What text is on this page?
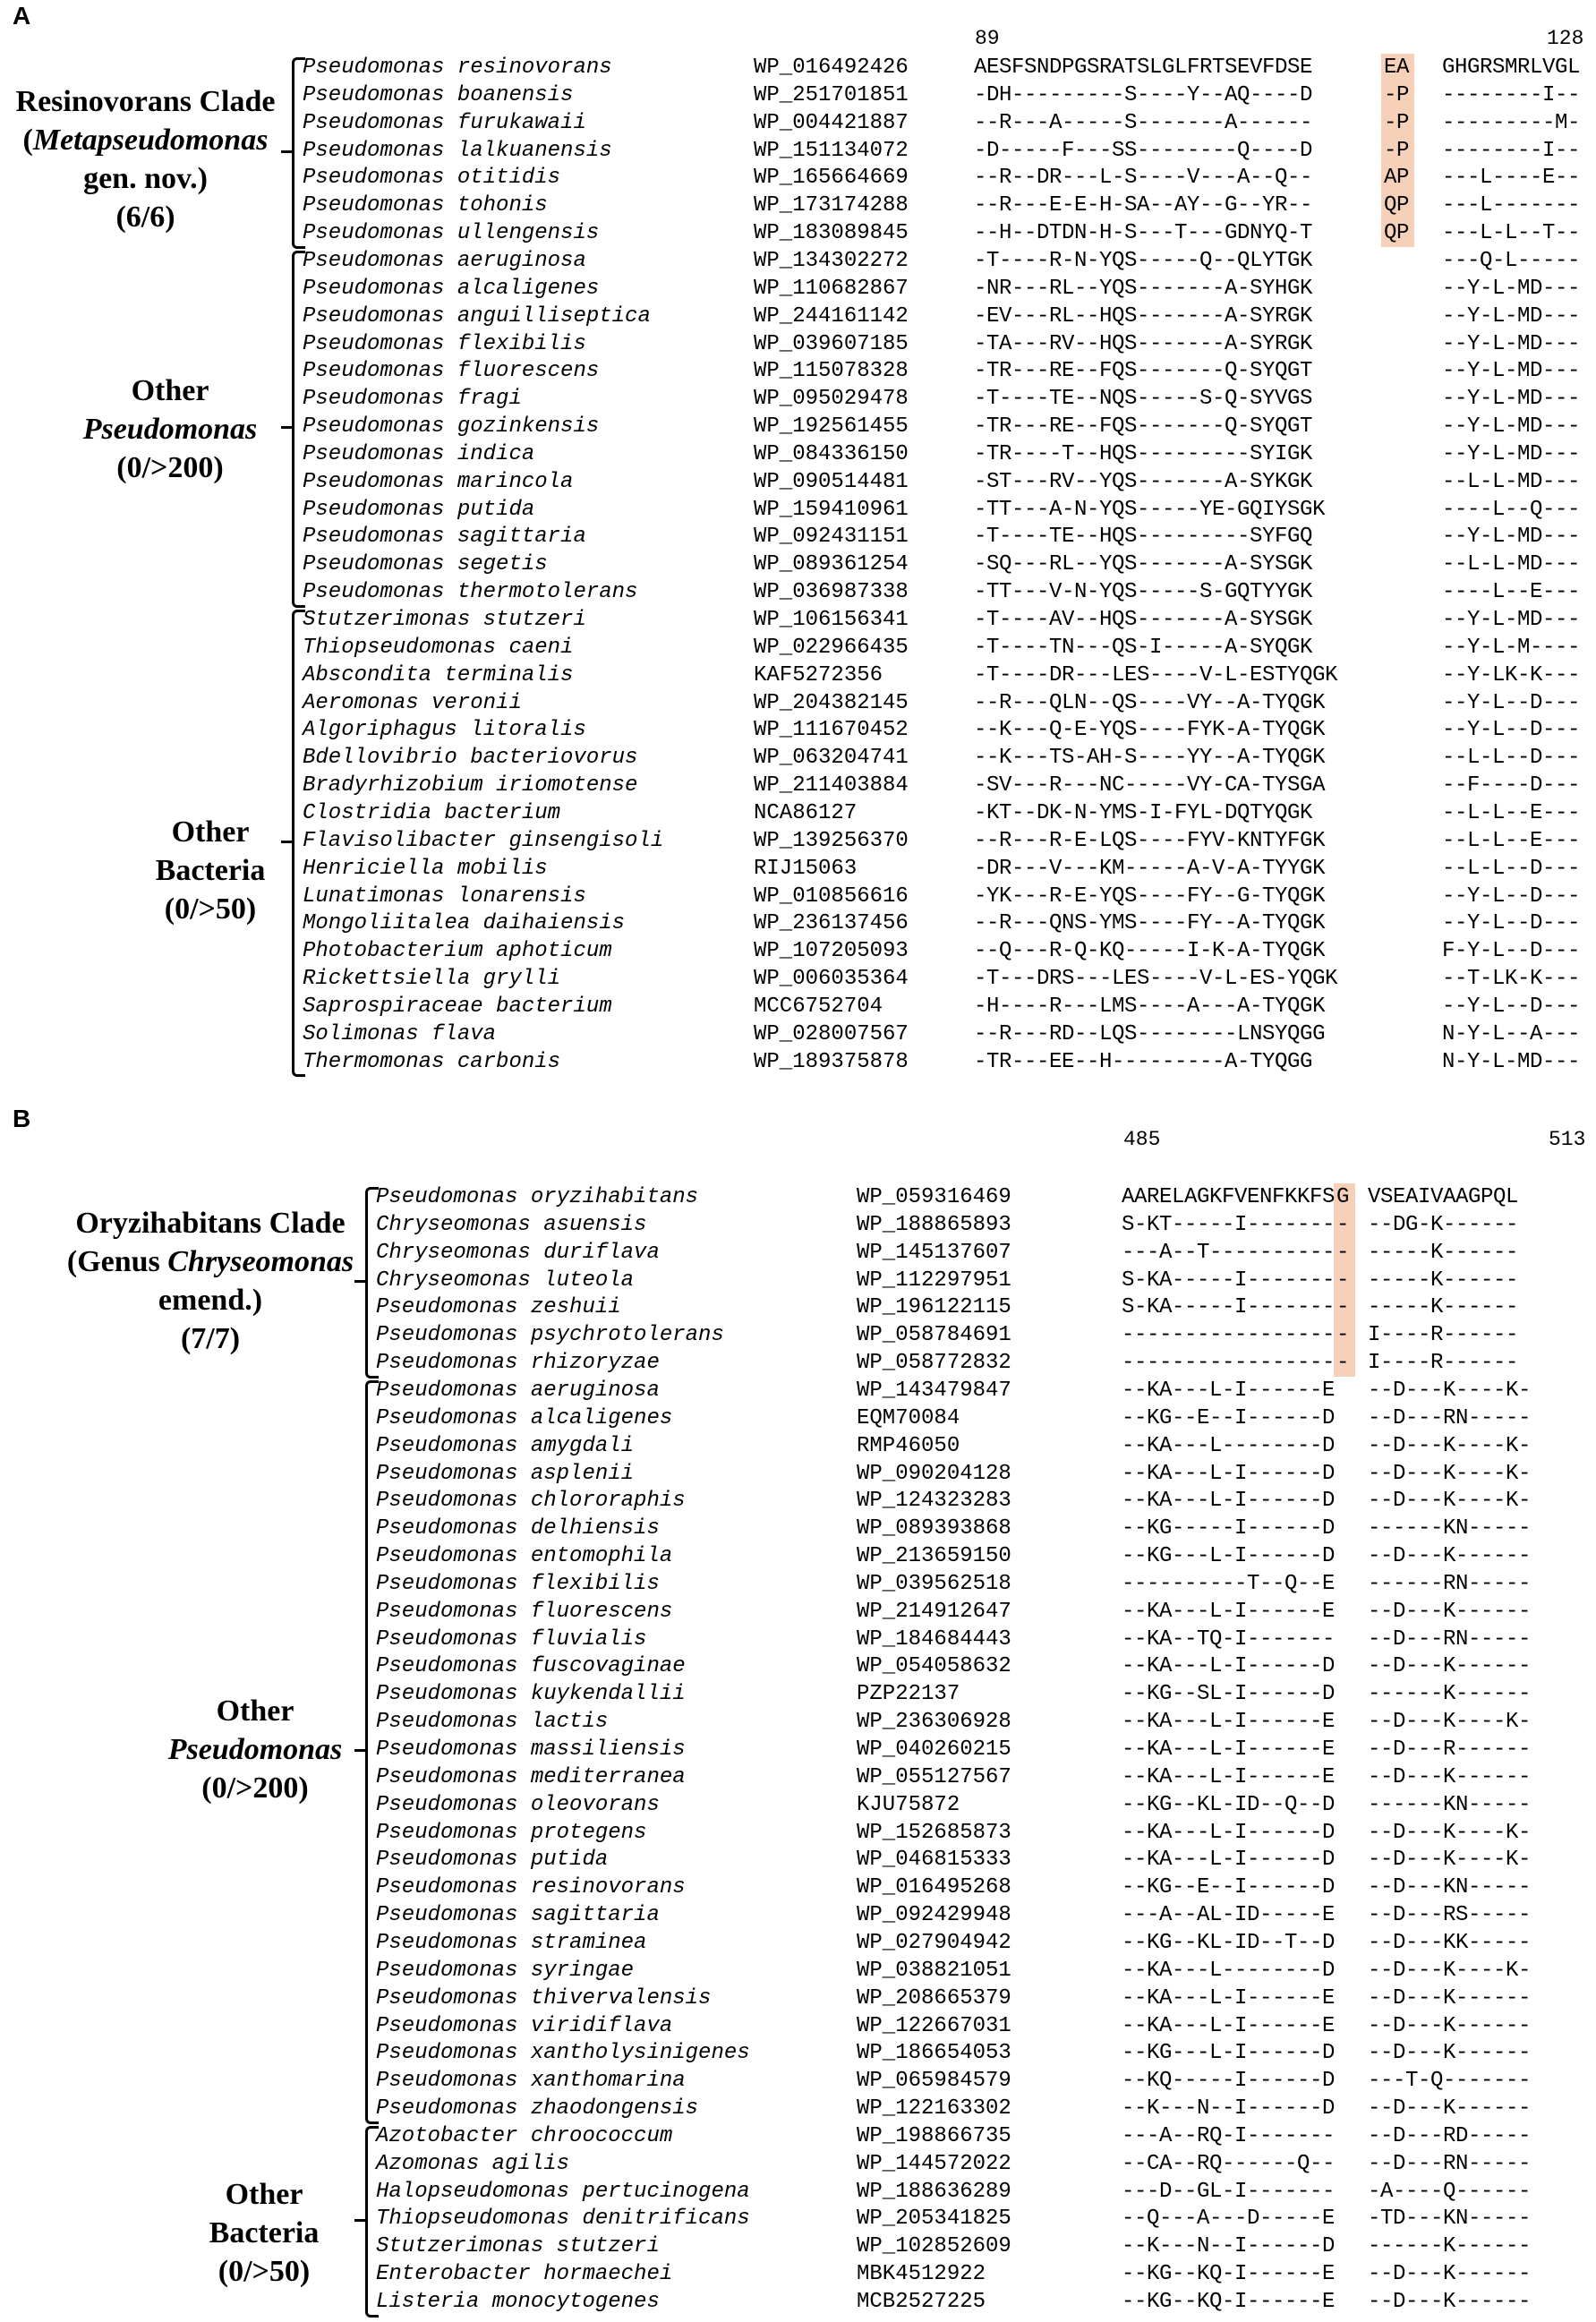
A
89	128
Pseudomonas resinovorans	WP_016492426	AESFSNDPGSRATSLGLFRTSEVFDSE	EA GHGRSMRLVGL
Pseudomonas boanensis	WP_251701851	-DH---------S----Y--AQ----D	-P --------I--
Pseudomonas furukawaii	WP_004421887	--R---A-----S-------A------	-P ---------M-
Pseudomonas lalkuanensis	WP_151134072	-D-----F---SS--------Q----D	-P --------I--
Pseudomonas otitidis	WP_165664669	--R--DR---L-S----V---A--Q--	AP ---L----E--
Pseudomonas tohonis	WP_173174288	--R---E-E-H-SA--AY--G--YR--	QP ---L-------
Pseudomonas ullengensis	WP_183089845	--H--DTDN-H-S---T---GDNYQ-T	QP ---L-L--T--
Pseudomonas aeruginosa	WP_134302272	-T----R-N-YQS-----Q--QLYTGK	---Q-L-----
Pseudomonas alcaligenes	WP_110682867	-NR---RL--YQS-------A-SYHGK	--Y-L-MD---
Pseudomonas anguilliseptica	WP_244161142	-EV---RL--HQS-------A-SYRGK	--Y-L-MD---
Pseudomonas flexibilis	WP_039607185	-TA---RV--HQS-------A-SYRGK	--Y-L-MD---
Pseudomonas fluorescens	WP_115078328	-TR---RE--FQS-------Q-SYQGT	--Y-L-MD---
Pseudomonas fragi	WP_095029478	-T----TE--NQS-----S-Q-SYVGS	--Y-L-MD---
Pseudomonas gozinkensis	WP_192561455	-TR---RE--FQS-------Q-SYQGT	--Y-L-MD---
Pseudomonas indica	WP_084336150	-TR----T--HQS---------SYIGK	--Y-L-MD---
Pseudomonas marincola	WP_090514481	-ST---RV--YQS-------A-SYKGK	--L-L-MD---
Pseudomonas putida	WP_159410961	-TT---A-N-YQS-----YE-GQIYSGK	----L--Q---
Pseudomonas sagittaria	WP_092431151	-T----TE--HQS---------SYFGQ	--Y-L-MD---
Pseudomonas segetis	WP_089361254	-SQ---RL--YQS-------A-SYSGK	--L-L-MD---
Pseudomonas thermotolerans	WP_036987338	-TT---V-N-YQS-----S-GQTYYGK	----L--E---
Stutzerimonas stutzeri	WP_106156341	-T----AV--HQS-------A-SYSGK	--Y-L-MD---
Thiopseudomonas caeni	WP_022966435	-T----TN---QS-I-----A-SYQGK	--Y-L-M----
Abscondita terminalis	KAF5272356	-T----DR---LES----V-L-ESTYQGK	--Y-LK-K---
Aeromonas veronii	WP_204382145	--R---QLN--QS----VY--A-TYQGK	--Y-L--D---
Algoriphagus litoralis	WP_111670452	--K---Q-E-YQS----FYK-A-TYQGK	--Y-L--D---
Bdellovibrio bacteriovorus	WP_063204741	--K---TS-AH-S----YY--A-TYQGK	--L-L--D---
Bradyrhizobium iriomotense	WP_211403884	-SV---R---NC-----VY-CA-TYSGA	--F----D---
Clostridia bacterium	NCA86127	-KT--DK-N-YMS-I-FYL-DQTYQGK	--L-L--E---
Flavisolibacter ginsengisoli	WP_139256370	--R---R-E-LQS----FYV-KNTYFGK	--L-L--E---
Henriciella mobilis	RIJ15063	-DR---V---KM-----A-V-A-TYYGK	--L-L--D---
Lunatimonas lonarensis	WP_010856616	-YK---R-E-YQS----FY--G-TYQGK	--Y-L--D---
Mongoliitalea daihaiensis	WP_236137456	--R---QNS-YMS----FY--A-TYQGK	--Y-L--D---
Photobacterium aphoticum	WP_107205093	--Q---R-Q-KQ-----I-K-A-TYQGK	F-Y-L--D---
Rickettsiella grylli	WP_006035364	-T---DRS---LES----V-L-ES-YQGK	--T-LK-K---
Saprospiraceae bacterium	MCC6752704	-H----R---LMS----A---A-TYQGK	--Y-L--D---
Solimonas flava	WP_028007567	--R---RD--LQS--------LNSYQGG	N-Y-L--A---
Thermomonas carbonis	WP_189375878	-TR---EE--H---------A-TYQGG	N-Y-L-MD---
Resinovorans Clade
(Metapseudomonas
gen. nov.)
(6/6)
Other
Pseudomonas
(0/>200)
Other
Bacteria
(0/>50)
B
485	513
Pseudomonas oryzihabitans	WP_059316469	AARELAGKFVENFKKFS G VSEAIVAAGPQL
Chryseomonas asuensis	WP_188865893	S-KT-----I------- - --DG-K------
Chryseomonas duriflava	WP_145137607	---A--T---------- - -----K------
Chryseomonas luteola	WP_112297951	S-KA-----I------- - -----K------
Pseudomonas zeshuii	WP_196122115	S-KA-----I------- - -----K------
Pseudomonas psychrotolerans	WP_058784691	----------------- - I----R------
Pseudomonas rhizoryzae	WP_058772832	----------------- - I----R------
Pseudomonas aeruginosa	WP_143479847	--KA---L-I------E --D---K----K-
Pseudomonas alcaligenes	EQM70084	--KG--E--I------D --D---RN-----
Pseudomonas amygdali	RMP46050	--KA---L--------D --D---K----K-
Pseudomonas asplenii	WP_090204128	--KA---L-I------D --D---K----K-
Pseudomonas chlororaphis	WP_124323283	--KA---L-I------D --D---K----K-
Pseudomonas delhiensis	WP_089393868	--KG-----I------D ------KN-----
Pseudomonas entomophila	WP_213659150	--KG---L-I------D --D---K------
Pseudomonas flexibilis	WP_039562518	----------T--Q--E ------RN-----
Pseudomonas fluorescens	WP_214912647	--KA---L-I------E --D---K------
Pseudomonas fluvialis	WP_184684443	--KA--TQ-I------- --D---RN-----
Pseudomonas fuscovaginae	WP_054058632	--KA---L-I------D --D---K------
Pseudomonas kuykendallii	PZP22137	--KG--SL-I------D ------K------
Pseudomonas lactis	WP_236306928	--KA---L-I------E --D---K----K-
Pseudomonas massiliensis	WP_040260215	--KA---L-I------E --D---R------
Pseudomonas mediterranea	WP_055127567	--KA---L-I------E --D---K------
Pseudomonas oleovorans	KJU75872	--KG--KL-ID--Q--D ------KN-----
Pseudomonas protegens	WP_152685873	--KA---L-I------D --D---K----K-
Pseudomonas putida	WP_046815333	--KA---L-I------D --D---K----K-
Pseudomonas resinovorans	WP_016495268	--KG--E--I------D --D---KN-----
Pseudomonas sagittaria	WP_092429948	---A--AL-ID-----E --D---RS-----
Pseudomonas straminea	WP_027904942	--KG--KL-ID--T--D --D---KK-----
Pseudomonas syringae	WP_038821051	--KA---L--------D --D---K----K-
Pseudomonas thivervalensis	WP_208665379	--KA---L-I------E --D---K------
Pseudomonas viridiflava	WP_122667031	--KA---L-I------E --D---K------
Pseudomonas xantholysinigenes	WP_186654053	--KG---L-I------D --D---K------
Pseudomonas xanthomarina	WP_065984579	--KQ-----I------D ---T-Q-------
Pseudomonas zhaodongensis	WP_122163302	--K---N--I------D --D---K------
Azotobacter chroococcum	WP_198866735	---A--RQ-I------- --D---RD-----
Azomonas agilis	WP_144572022	--CA--RQ------Q-- --D---RN-----
Halopseudomonas pertucinogena	WP_188636289	---D--GL-I------- -A----Q------
Thiopseudomonas denitrificans	WP_205341825	--Q---A---D-----E -TD---KN-----
Stutzerimonas stutzeri	WP_102852609	--K---N--I------D ------K------
Enterobacter hormaechei	MBK4512922	--KG--KQ-I------E --D---K------
Listeria monocytogenes	MCB2527225	--KG--KQ-I------E --D---K------
Oryzihabitans Clade
(Genus Chryseomonas
emend.)
(7/7)
Other
Pseudomonas
(0/>200)
Other
Bacteria
(0/>50)
